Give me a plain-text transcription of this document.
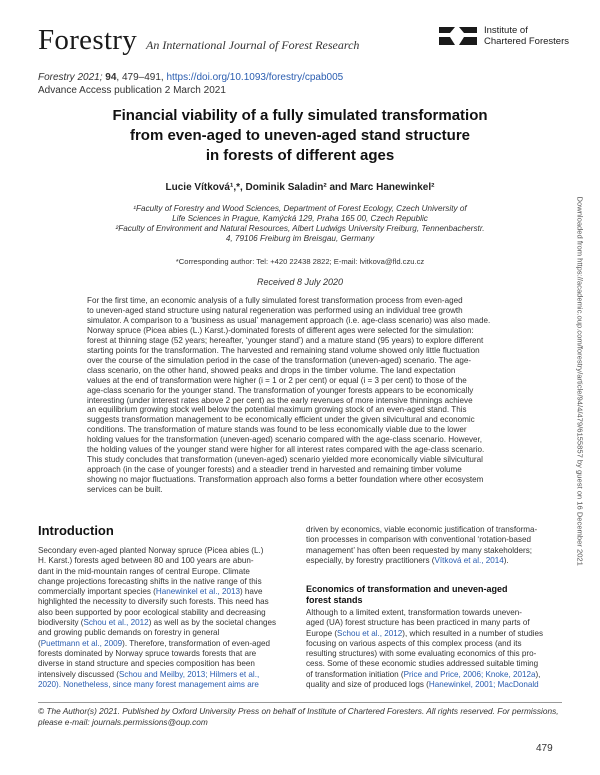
Forestry An International Journal of Forest Research
Institute of
Chartered Foresters
Forestry 2021; 94, 479–491, https://doi.org/10.1093/forestry/cpab005
Advance Access publication 2 March 2021
Financial viability of a fully simulated transformation
from even-aged to uneven-aged stand structure
in forests of different ages
Lucie Vítková¹,*, Dominik Saladin² and Marc Hanewinkel²
¹Faculty of Forestry and Wood Sciences, Department of Forest Ecology, Czech University of
Life Sciences in Prague, Kamýcká 129, Praha 165 00, Czech Republic
²Faculty of Environment and Natural Resources, Albert Ludwigs University Freiburg, Tennenbacherstr.
4, 79106 Freiburg im Breisgau, Germany
*Corresponding author: Tel: +420 22438 2822; E-mail: lvitkova@fld.czu.cz
Received 8 July 2020
For the first time, an economic analysis of a fully simulated forest transformation process from even-aged
to uneven-aged stand structure using natural regeneration was performed using an individual tree growth
simulator. A comparison to a ‘business as usual’ management approach (i.e. age-class scenario) was also made.
Norway spruce (Picea abies (L.) Karst.)-dominated forests of different ages were selected for the simulation:
forest at thinning stage (52 years; hereafter, ‘younger stand’) and a mature stand (95 years) to explore different
starting points for the transformation. The harvested and remaining stand volume showed only little fluctuation
over the course of the simulation period in the case of the transformation (uneven-aged) scenario. The age-
class scenario, on the other hand, showed peaks and drops in the timber volume. The land expectation
values at the end of transformation were higher (i = 1 or 2 per cent) or equal (i = 3 per cent) to those of the
age-class scenario for the younger stand. The transformation of younger forests appears to be economically
interesting (under interest rates above 2 per cent) as the early revenues of more intensive thinnings achieve
an equilibrium growing stock well below the potential maximum growing stock of an even-aged stand. This
suggests transformation management to be economically efficient under the given silvicultural and economic
conditions. The transformation of mature stands was found to be less economically viable due to the lower
holding values for the transformation (uneven-aged) scenario compared with the age-class scenario. However,
the holding values of the younger stand were higher for all interest rates compared with the age-class scenario.
This study concludes that transformation (uneven-aged) scenario yielded more economically viable silvicultural
approach (in the case of younger forests) and a steadier trend in harvested and remaining timber volume
showing no major fluctuations. Transformation approach also forms a better foundation where other ecosystem
services can be built.
Introduction
Secondary even-aged planted Norway spruce (Picea abies (L.)
H. Karst.) forests aged between 80 and 100 years are abun-
dant in the mid-mountain ranges of central Europe. Climate
change projections forecasting shifts in the native range of this
commercially important species (Hanewinkel et al., 2013) have
highlighted the necessity to diversify such forests. This need has
also been supported by poor ecological stability and decreasing
biodiversity (Schou et al., 2012) as well as by the societal changes
and growing public demands on forestry in general
(Puettmann et al., 2009). Therefore, transformation of even-aged
forests dominated by Norway spruce towards forests that are
diverse in stand structure and species composition has been
intensively discussed (Schou and Meilby, 2013; Hilmers et al.,
2020). Nonetheless, since many forest management aims are
driven by economics, viable economic justification of transforma-
tion processes in comparison with conventional ‘rotation-based
management’ has often been requested by many stakeholders;
especially, by forestry practitioners (Vítková et al., 2014).
Economics of transformation and uneven-aged
forest stands
Although to a limited extent, transformation towards uneven-
aged (UA) forest structure has been practiced in many parts of
Europe (Schou et al., 2012), which resulted in a number of studies
focusing on various aspects of this complex process (and its
resulting structures) with some evaluating economics of this pro-
cess. Some of these economic studies addressed suitable timing
of transformation initiation (Price and Price, 2006; Knoke, 2012a),
quality and size of produced logs (Hanewinkel, 2001; MacDonald
© The Author(s) 2021. Published by Oxford University Press on behalf of Institute of Chartered Foresters. All rights reserved. For permissions,
please e-mail: journals.permissions@oup.com
479
Downloaded from https://academic.oup.com/forestry/article/94/4/479/6155857 by guest on 16 December 2021
